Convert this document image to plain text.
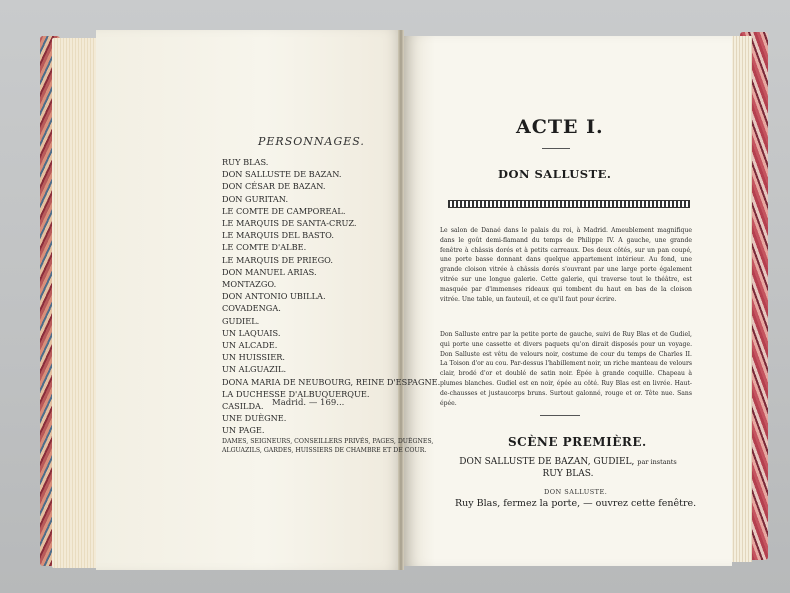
PERSONNAGES.
RUY BLAS.
DON SALLUSTE DE BAZAN.
DON CÉSAR DE BAZAN.
DON GURITAN.
LE COMTE DE CAMPOREAL.
LE MARQUIS DE SANTA-CRUZ.
LE MARQUIS DEL BASTO.
LE COMTE D'ALBE.
LE MARQUIS DE PRIEGO.
DON MANUEL ARIAS.
MONTAZGO.
DON ANTONIO UBILLA.
COVADENGA.
GUDIEL.
UN LAQUAIS.
UN ALCADE.
UN HUISSIER.
UN ALGUAZIL.
DONA MARIA DE NEUBOURG, REINE D'ESPAGNE.
LA DUCHESSE D'ALBUQUERQUE.
CASILDA.
UNE DUÈGNE.
UN PAGE.
DAMES, SEIGNEURS, CONSEILLERS PRIVÉS, PAGES, DUÈGNES,
ALGUAZILS, GARDES, HUISSIERS DE CHAMBRE ET DE COUR.
Madrid. — 169...
ACTE I.
DON SALLUSTE.
Le salon de Danaé dans le palais du roi, à Madrid. Ameublement magnifique dans le goût demi-flamand du temps de Philippe IV. A gauche, une grande fenêtre à châssis dorés et à petits carreaux. Des deux côtés, sur un pan coupé, une porte basse donnant dans quelque appartement intérieur. Au fond, une grande cloison vitrée à châssis dorés s'ouvrant par une large porte également vitrée sur une longue galerie. Cette galerie, qui traverse tout le théâtre, est masquée par d'immenses rideaux qui tombent du haut en bas de la cloison vitrée. Une table, un fauteuil, et ce qu'il faut pour écrire.
Don Salluste entre par la petite porte de gauche, suivi de Ruy Blas et de Gudiel, qui porte une cassette et divers paquets qu'on dirait disposés pour un voyage. Don Salluste est vêtu de velours noir, costume de cour du temps de Charles II. La Toison d'or au cou. Par-dessus l'habillement noir, un riche manteau de velours clair, brodé d'or et doublé de satin noir. Épée à grande coquille. Chapeau à plumes blanches. Gudiel est en noir, épée au côté. Ruy Blas est en livrée. Haut-de-chausses et justaucorps bruns. Surtout galonné, rouge et or. Tête nue. Sans épée.
SCÈNE PREMIÈRE.
DON SALLUSTE DE BAZAN, GUDIEL, par instants
RUY BLAS.
DON SALLUSTE.
Ruy Blas, fermez la porte, — ouvrez cette fenêtre.
